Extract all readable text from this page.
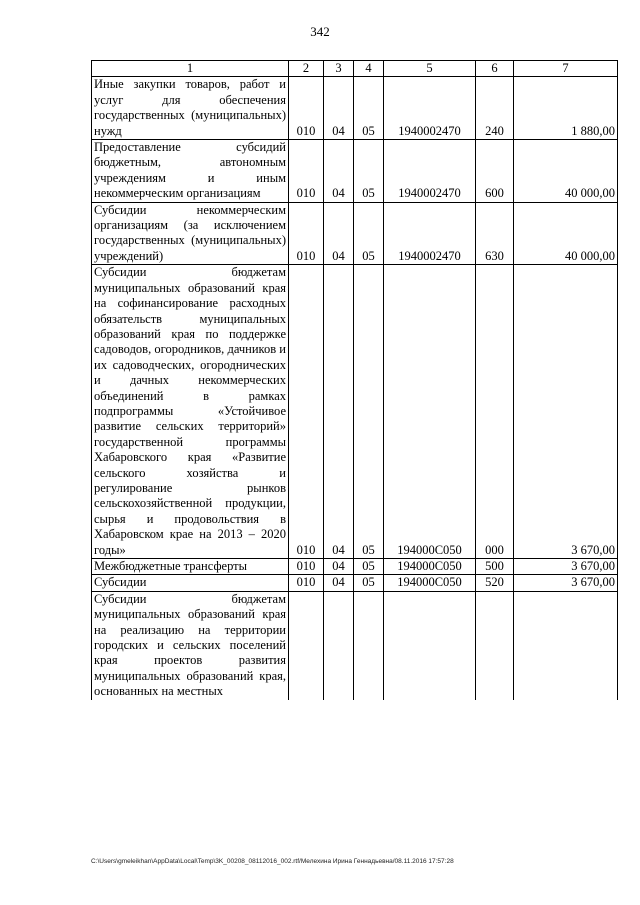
342
1	2	3	4	5	6	7
Иные закупки товаров, работ и услуг для обеспечения государственных (муниципальных) нужд	010	04	05	1940002470	240	1 880,00
Предоставление субсидий бюджетным, автономным учреждениям и иным некоммерческим организациям	010	04	05	1940002470	600	40 000,00
Субсидии некоммерческим организациям (за исключением государственных (муниципальных) учреждений)	010	04	05	1940002470	630	40 000,00
Субсидии бюджетам муниципальных образований края на софинансирование расходных обязательств муниципальных образований края по поддержке садоводов, огородников, дачников и их садоводческих, огороднических и дачных некоммерческих объединений в рамках подпрограммы «Устойчивое развитие сельских территорий» государственной программы Хабаровского края «Развитие сельского хозяйства и регулирование рынков сельскохозяйственной продукции, сырья и продовольствия в Хабаровском крае на 2013 – 2020 годы»	010	04	05	194000С050	000	3 670,00
Межбюджетные трансферты	010	04	05	194000С050	500	3 670,00
Субсидии	010	04	05	194000С050	520	3 670,00
Субсидии бюджетам муниципальных образований края на реализацию на территории городских и сельских поселений края проектов развития муниципальных образований края, основанных на местных						
C:\Users\gmeleikhan\AppData\Local\Temp\3K_00208_08112016_002.rtf/Мелехина Ирина Геннадьевна/08.11.2016 17:57:28
